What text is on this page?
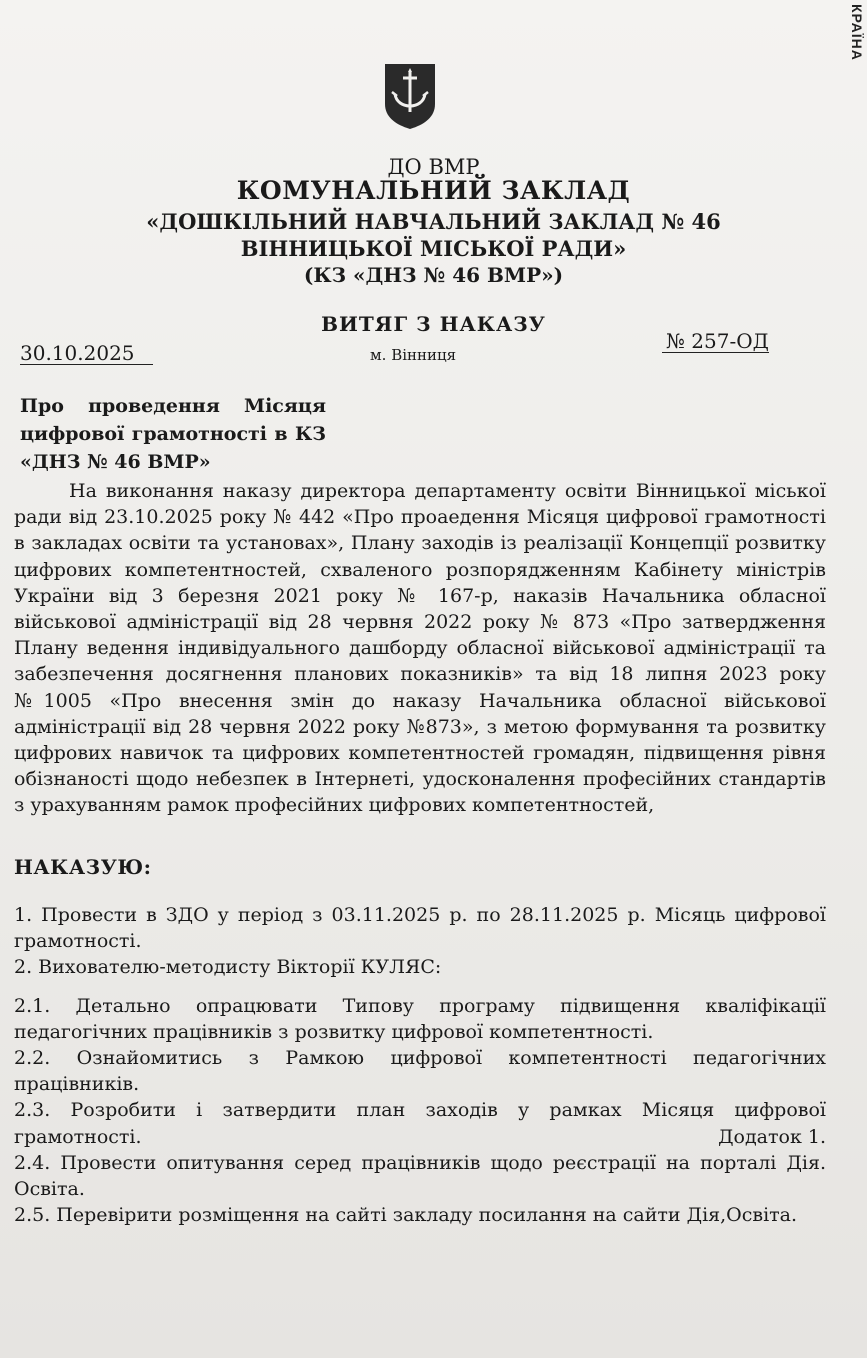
КРАЇНА
ДО ВМР
КОМУНАЛЬНИЙ ЗАКЛАД
«ДОШКІЛЬНИЙ НАВЧАЛЬНИЙ ЗАКЛАД № 46
ВІННИЦЬКОЇ МІСЬКОЇ РАДИ»
(КЗ «ДНЗ № 46 ВМР»)
ВИТЯГ З НАКАЗУ
30.10.2025	м. Вінниця
№ 257-ОД
Про проведення Місяця
цифрової грамотності в КЗ
«ДНЗ № 46 ВМР»
На виконання наказу директора департаменту освіти Вінницької міської
ради від 23.10.2025 року № 442 «Про проаедення Місяця цифрової грамотності
в закладах освіти та установах», Плану заходів із реалізації Концепції розвитку
цифрових компетентностей, схваленого розпорядженням Кабінету міністрів
України від 3 березня 2021 року № 167-р, наказів Начальника обласної
військової адміністрації від 28 червня 2022 року № 873 «Про затвердження
Плану ведення індивідуального дашборду обласної військової адміністрації та
забезпечення досягнення планових показників» та від 18 липня 2023 року
№1005 «Про внесення змін до наказу Начальника обласної військової
адміністрації від 28 червня 2022 року №873», з метою формування та розвитку
цифрових навичок та цифрових компетентностей громадян, підвищення рівня
обізнаності щодо небезпек в Інтернеті, удосконалення професійних стандартів
з урахуванням рамок професійних цифрових компетентностей,
НАКАЗУЮ:
1. Провести в ЗДО у період з 03.11.2025 р. по 28.11.2025 р. Місяць цифрової
грамотності.
2. Вихователю-методисту Вікторії КУЛЯС:
2.1. Детально опрацювати Типову програму підвищення кваліфікації
педагогічних працівників з розвитку цифрової компетентності.
2.2. Ознайомитись з Рамкою цифрової компетентності педагогічних
працівників.
2.3. Розробити і затвердити план заходів у рамках Місяця цифрової
грамотності.	Додаток 1.
2.4. Провести опитування серед працівників щодо реєстрації на порталі Дія.
Освіта.
2.5. Перевірити розміщення на сайті закладу посилання на сайти Дія,Освіта.
